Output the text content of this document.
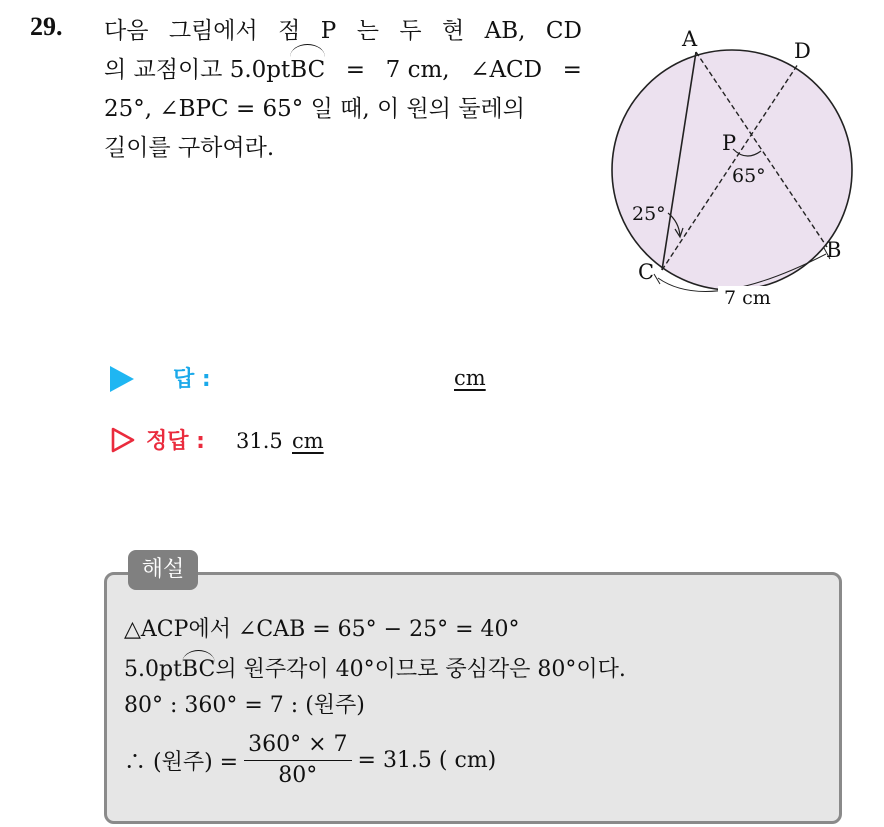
29. 다음 그림에서 점 P 는 두 현 AB, CD
의 교점이고 5.0ptBC = 7 cm, ∠ACD =
25°, ∠BPC = 65° 일 때, 이 원의 둘레의
길이를 구하여라.
A	D
P
65°
25°
C
B
7 cm
답 :	cm
정답 : 31.5 cm
해설
△ACP에서 ∠CAB = 65° − 25° = 40°
5.0ptBC의 원주각이 40°이므로 중심각은 80°이다.
80° : 360° = 7 : (원주)
∴ (원주) = $\frac{360^\circ \times 7}{80^\circ} = 31.5$ ( cm)
